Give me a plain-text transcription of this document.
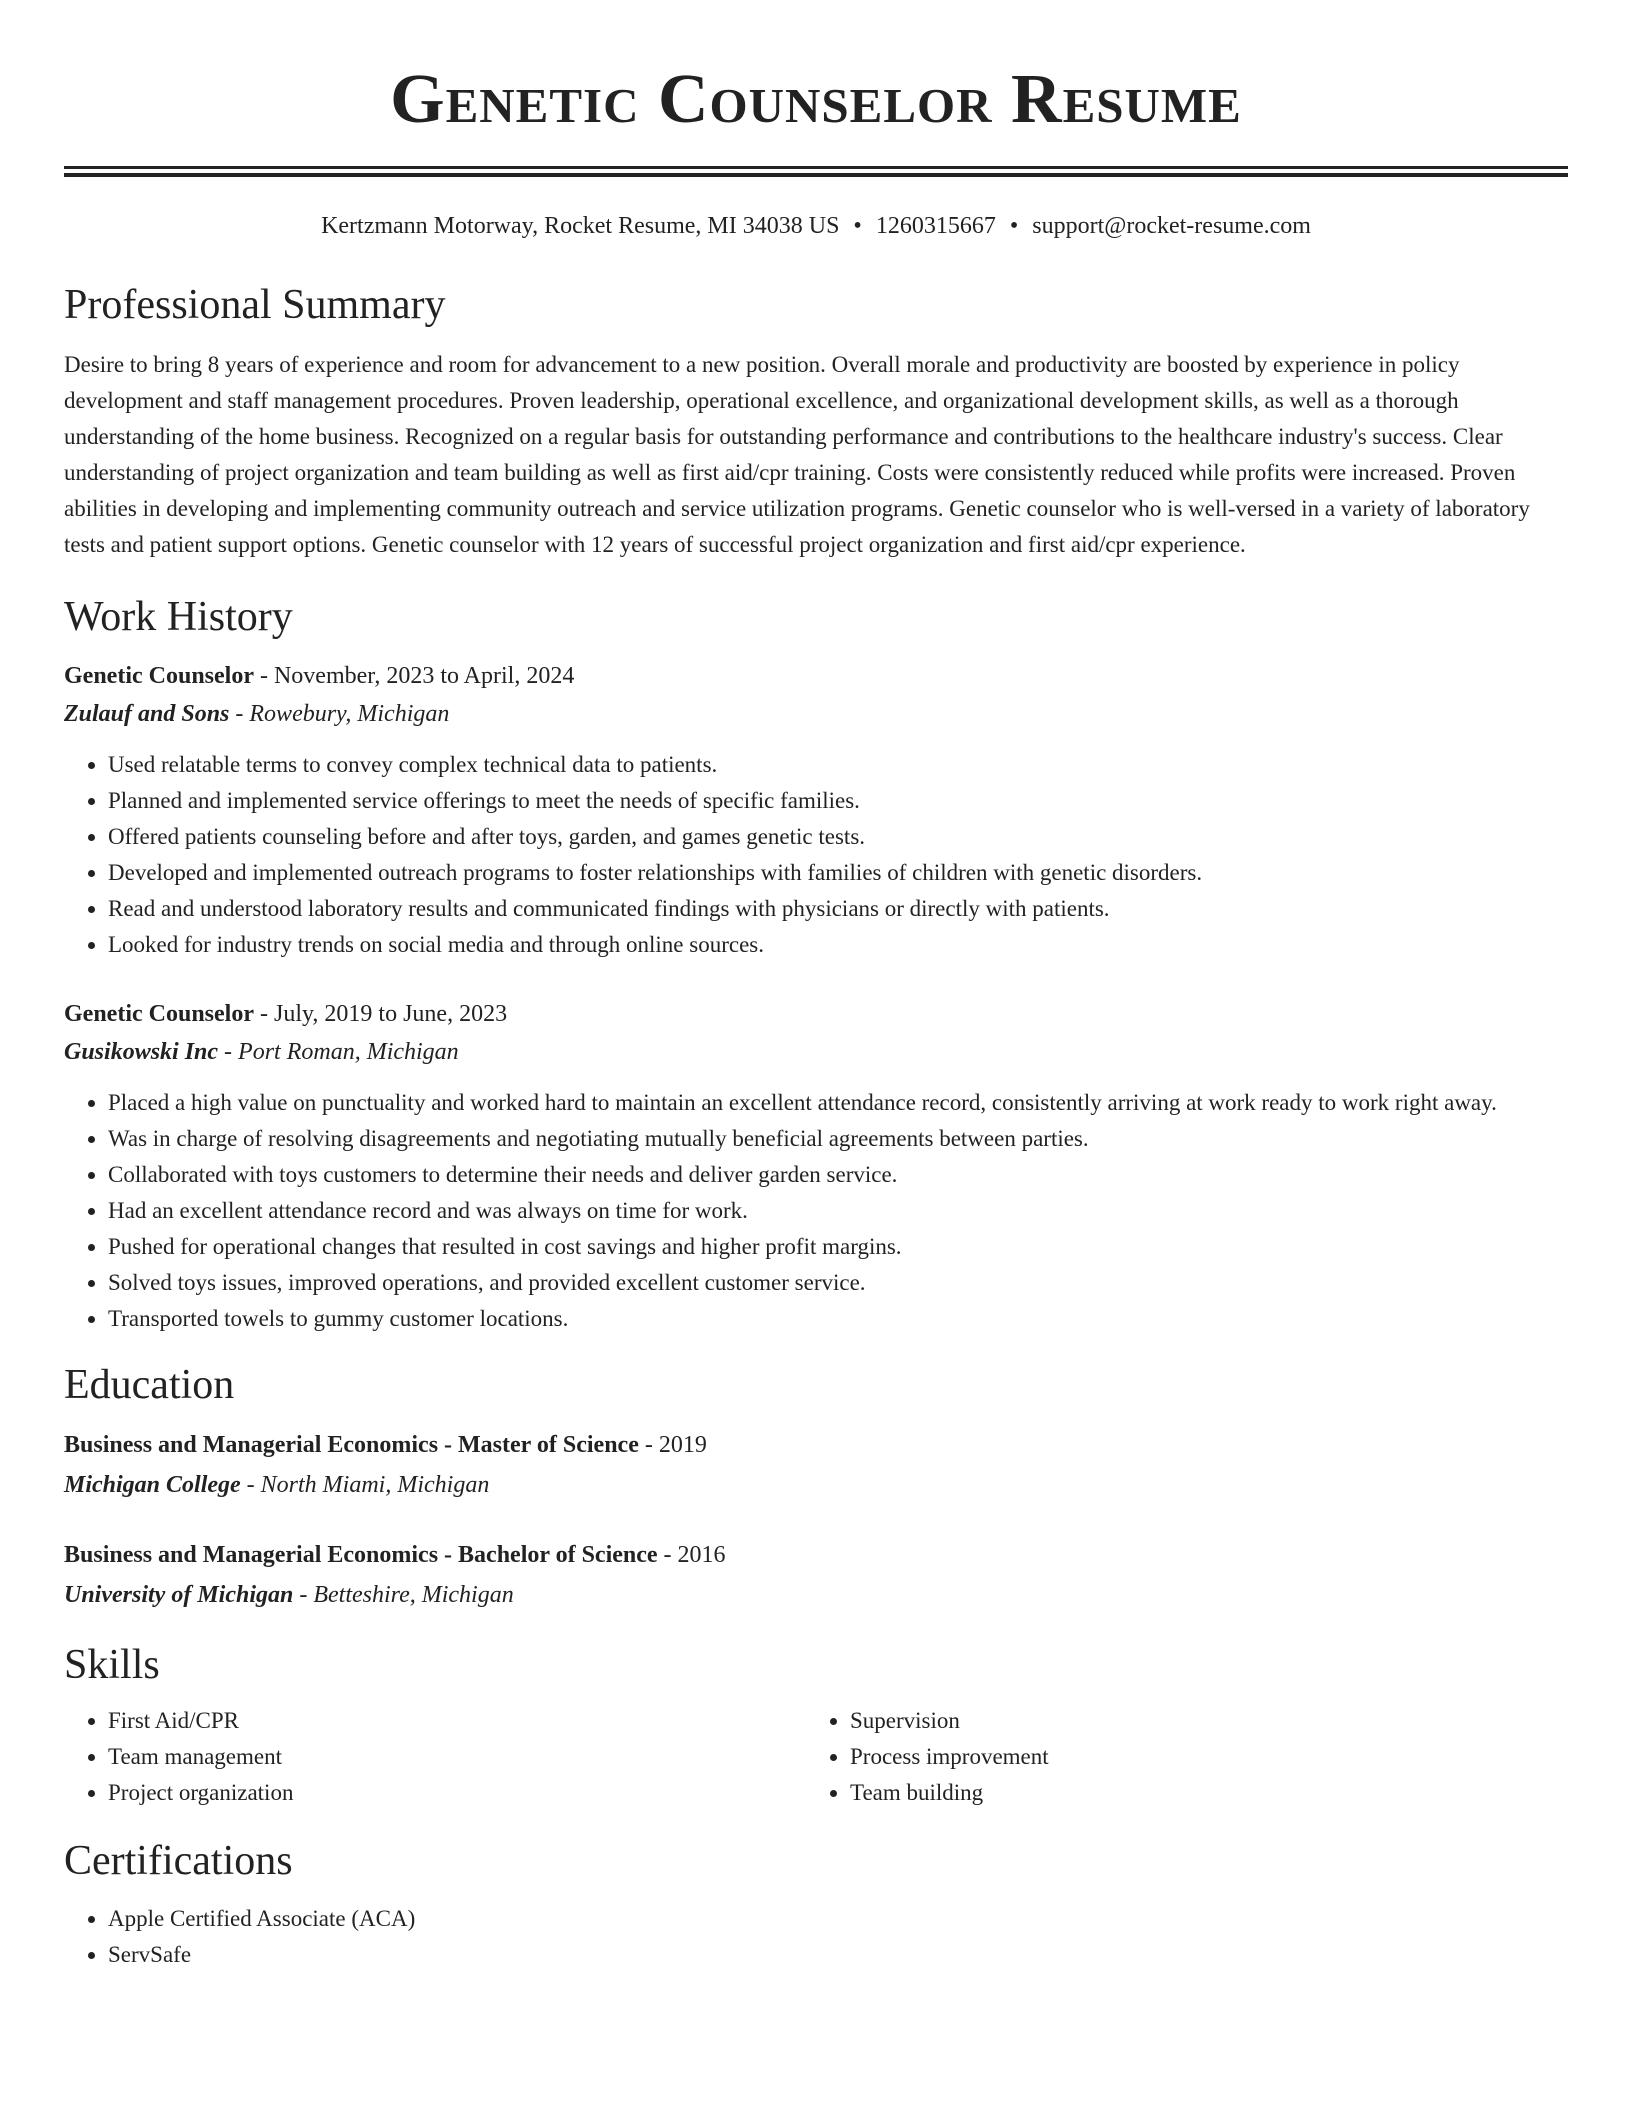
Genetic Counselor Resume
Kertzmann Motorway, Rocket Resume, MI 34038 US • 1260315667 • support@rocket-resume.com
Professional Summary

Desire to bring 8 years of experience and room for advancement to a new position. Overall morale and productivity are boosted by experience in policy development and staff management procedures. Proven leadership, operational excellence, and organizational development skills, as well as a thorough understanding of the home business. Recognized on a regular basis for outstanding performance and contributions to the healthcare industry's success. Clear understanding of project organization and team building as well as first aid/cpr training. Costs were consistently reduced while profits were increased. Proven abilities in developing and implementing community outreach and service utilization programs. Genetic counselor who is well-versed in a variety of laboratory tests and patient support options. Genetic counselor with 12 years of successful project organization and first aid/cpr experience.

Work History
Genetic Counselor - November, 2023 to April, 2024
Zulauf and Sons - Rowebury, Michigan
• Used relatable terms to convey complex technical data to patients.
• Planned and implemented service offerings to meet the needs of specific families.
• Offered patients counseling before and after toys, garden, and games genetic tests.
• Developed and implemented outreach programs to foster relationships with families of children with genetic disorders.
• Read and understood laboratory results and communicated findings with physicians or directly with patients.
• Looked for industry trends on social media and through online sources.
Genetic Counselor - July, 2019 to June, 2023
Gusikowski Inc - Port Roman, Michigan
• Placed a high value on punctuality and worked hard to maintain an excellent attendance record, consistently arriving at work ready to work right away.
• Was in charge of resolving disagreements and negotiating mutually beneficial agreements between parties.
• Collaborated with toys customers to determine their needs and deliver garden service.
• Had an excellent attendance record and was always on time for work.
• Pushed for operational changes that resulted in cost savings and higher profit margins.
• Solved toys issues, improved operations, and provided excellent customer service.
• Transported towels to gummy customer locations.
Education
Business and Managerial Economics - Master of Science - 2019
Michigan College - North Miami, Michigan
Business and Managerial Economics - Bachelor of Science - 2016
University of Michigan - Betteshire, Michigan
Skills
• First Aid/CPR
• Team management
• Project organization
• Supervision
• Process improvement
• Team building
Certifications
• Apple Certified Associate (ACA)
• ServSafe
